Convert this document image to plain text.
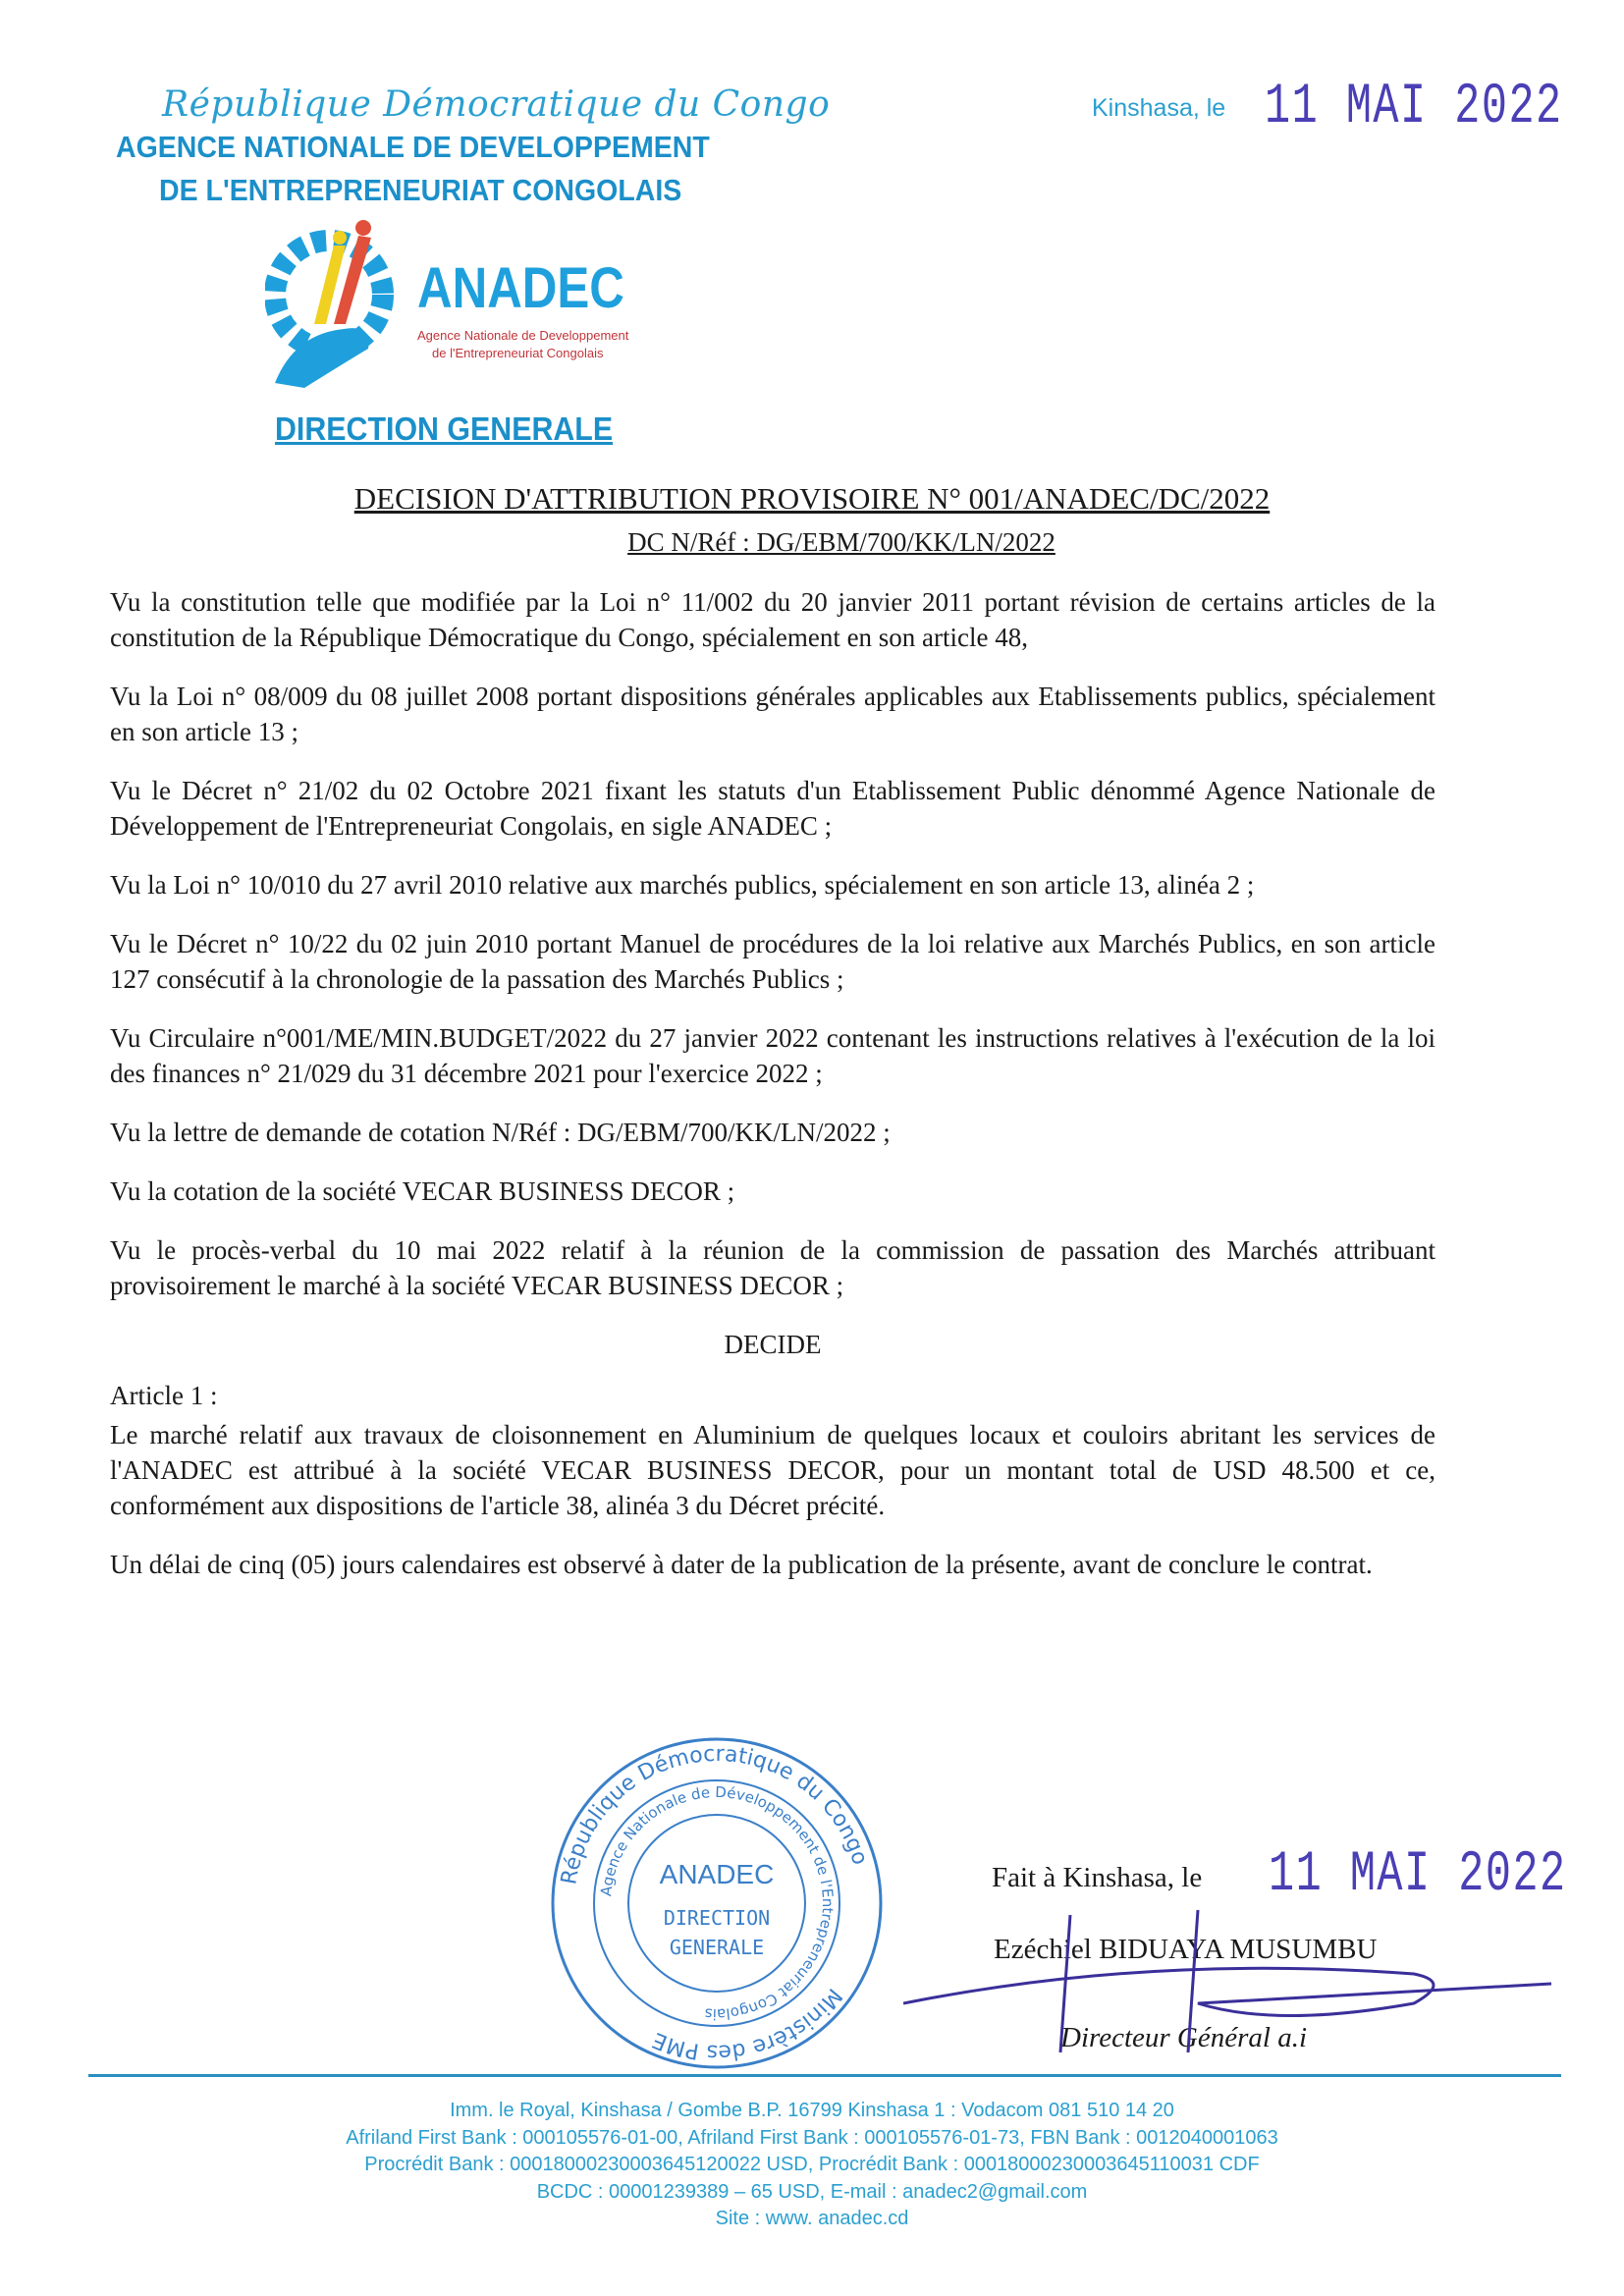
République Démocratique du Congo
AGENCE NATIONALE DE DEVELOPPEMENT
DE L'ENTREPRENEURIAT CONGOLAIS
Kinshasa, le 11 MAI 2022
ANADEC
Agence Nationale de Developpement
de l'Entrepreneuriat Congolais
DIRECTION GENERALE
DECISION D'ATTRIBUTION PROVISOIRE N° 001/ANADEC/DC/2022
DC N/Réf : DG/EBM/700/KK/LN/2022

Vu la constitution telle que modifiée par la Loi n° 11/002 du 20 janvier 2011 portant révision de certains articles de la constitution de la République Démocratique du Congo, spécialement en son article 48,

Vu la Loi n° 08/009 du 08 juillet 2008 portant dispositions générales applicables aux Etablissements publics, spécialement en son article 13 ;

Vu le Décret n° 21/02 du 02 Octobre 2021 fixant les statuts d'un Etablissement Public dénommé Agence Nationale de Développement de l'Entrepreneuriat Congolais, en sigle ANADEC ;

Vu la Loi n° 10/010 du 27 avril 2010 relative aux marchés publics, spécialement en son article 13, alinéa 2 ;

Vu le Décret n° 10/22 du 02 juin 2010 portant Manuel de procédures de la loi relative aux Marchés Publics, en son article 127 consécutif à la chronologie de la passation des Marchés Publics ;

Vu Circulaire n°001/ME/MIN.BUDGET/2022 du 27 janvier 2022 contenant les instructions relatives à l'exécution de la loi des finances n° 21/029 du 31 décembre 2021 pour l'exercice 2022 ;

Vu la lettre de demande de cotation N/Réf : DG/EBM/700/KK/LN/2022 ;

Vu la cotation de la société VECAR BUSINESS DECOR ;

Vu le procès-verbal du 10 mai 2022 relatif à la réunion de la commission de passation des Marchés attribuant provisoirement le marché à la société VECAR BUSINESS DECOR ;

DECIDE

Article 1 :

Le marché relatif aux travaux de cloisonnement en Aluminium de quelques locaux et couloirs abritant les services de l'ANADEC est attribué à la société VECAR BUSINESS DECOR, pour un montant total de USD 48.500 et ce, conformément aux dispositions de l'article 38, alinéa 3 du Décret précité.

Un délai de cinq (05) jours calendaires est observé à dater de la publication de la présente, avant de conclure le contrat.

République Démocratique du Congo
Ministère des PME
Agence Nationale de Développement de l'Entrepreneuriat Congolais
ANADEC
DIRECTION
GENERALE
Fait à Kinshasa, le 11 MAI 2022
Ezéchiel BIDUAYA MUSUMBU
Directeur Général a.i
Imm. le Royal, Kinshasa / Gombe B.P. 16799 Kinshasa 1 : Vodacom 081 510 14 20
Afriland First Bank : 000105576-01-00, Afriland First Bank : 000105576-01-73, FBN Bank : 0012040001063
Procrédit Bank : 0001800023000364512002​2 USD, Procrédit Bank : 00018000230003645110031 CDF
BCDC : 00001239389 – 65 USD, E-mail : anadec2@gmail.com
Site : www. anadec.cd
